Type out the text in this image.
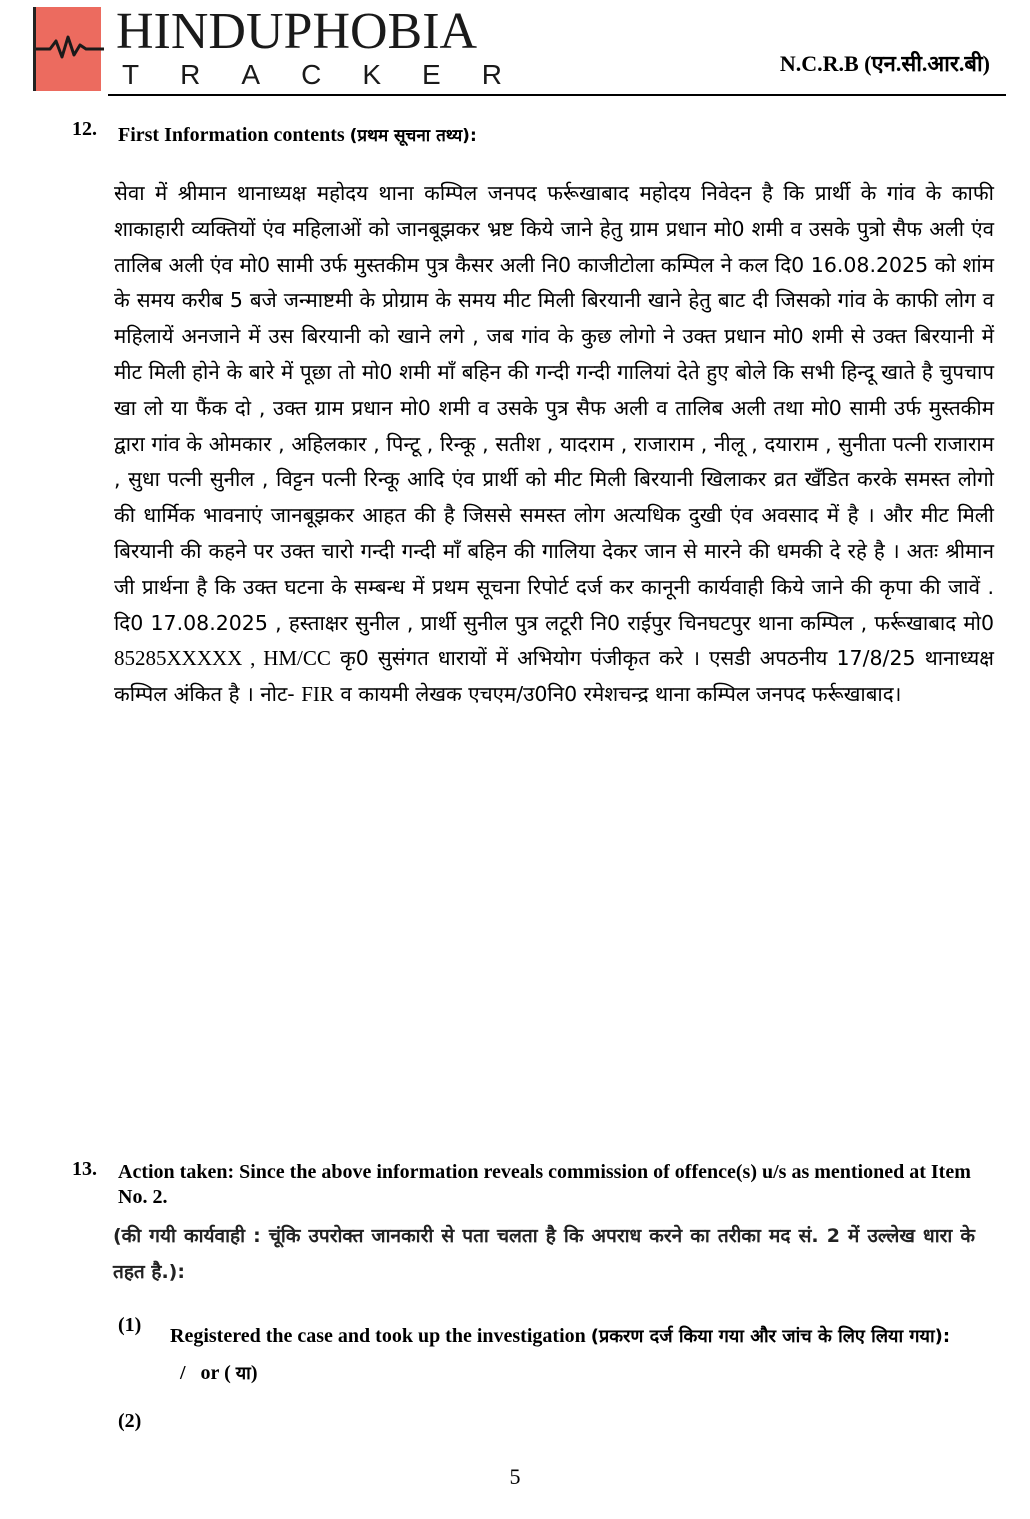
HINDUPHOBIA
T R A C K E R	N.C.R.B (एन.सी.आर.बी)
12. First Information contents (प्रथम सूचना तथ्य):
सेवा में श्रीमान थानाध्यक्ष महोदय थाना कम्पिल जनपद फर्रूखाबाद महोदय निवेदन है कि प्रार्थी के गांव के काफी शाकाहारी व्यक्तियों एंव महिलाओं को जानबूझकर भ्रष्ट किये जाने हेतु ग्राम प्रधान मो0 शमी व उसके पुत्रो सैफ अली एंव तालिब अली एंव मो0 सामी उर्फ मुस्तकीम पुत्र कैसर अली नि0 काजीटोला कम्पिल ने कल दि0 16.08.2025 को शांम के समय करीब 5 बजे जन्माष्टमी के प्रोग्राम के समय मीट मिली बिरयानी खाने हेतु बाट दी जिसको गांव के काफी लोग व महिलायें अनजाने में उस बिरयानी को खाने लगे , जब गांव के कुछ लोगो ने उक्त प्रधान मो0 शमी से उक्त बिरयानी में मीट मिली होने के बारे में पूछा तो मो0 शमी माँ बहिन की गन्दी गन्दी गालियां देते हुए बोले कि सभी हिन्दू खाते है चुपचाप खा लो या फैंक दो , उक्त ग्राम प्रधान मो0 शमी व उसके पुत्र सैफ अली व तालिब अली तथा मो0 सामी उर्फ मुस्तकीम द्वारा गांव के ओमकार , अहिलकार , पिन्टू , रिन्कू , सतीश , यादराम , राजाराम , नीलू , दयाराम , सुनीता पत्नी राजाराम , सुधा पत्नी सुनील , विट्टन पत्नी रिन्कू आदि एंव प्रार्थी को मीट मिली बिरयानी खिलाकर व्रत खँडित करके समस्त लोगो की धार्मिक भावनाएं जानबूझकर आहत की है जिससे समस्त लोग अत्यधिक दुखी एंव अवसाद में है । और मीट मिली बिरयानी की कहने पर उक्त चारो गन्दी गन्दी माँ बहिन की गालिया देकर जान से मारने की धमकी दे रहे है । अतः श्रीमान जी प्रार्थना है कि उक्त घटना के सम्बन्ध में प्रथम सूचना रिपोर्ट दर्ज कर कानूनी कार्यवाही किये जाने की कृपा की जावें . दि0 17.08.2025 , हस्ताक्षर सुनील , प्रार्थी सुनील पुत्र लटूरी नि0 राईपुर चिनघटपुर थाना कम्पिल , फर्रूखाबाद मो0 85285XXXXX , HM/CC कृ0 सुसंगत धारायों में अभियोग पंजीकृत करे । एसडी अपठनीय 17/8/25 थानाध्यक्ष कम्पिल अंकित है । नोट- FIR व कायमी लेखक एचएम/उ0नि0 रमेशचन्द्र थाना कम्पिल जनपद फर्रूखाबाद।
13. Action taken: Since the above information reveals commission of offence(s) u/s as mentioned at Item No. 2.
(की गयी कार्यवाही : चूंकि उपरोक्त जानकारी से पता चलता है कि अपराध करने का तरीका मद सं. 2 में उल्लेख धारा के तहत है.):
(1) Registered the case and took up the investigation (प्रकरण दर्ज किया गया और जांच के लिए लिया गया):  /   or ( या)
(2)
5
